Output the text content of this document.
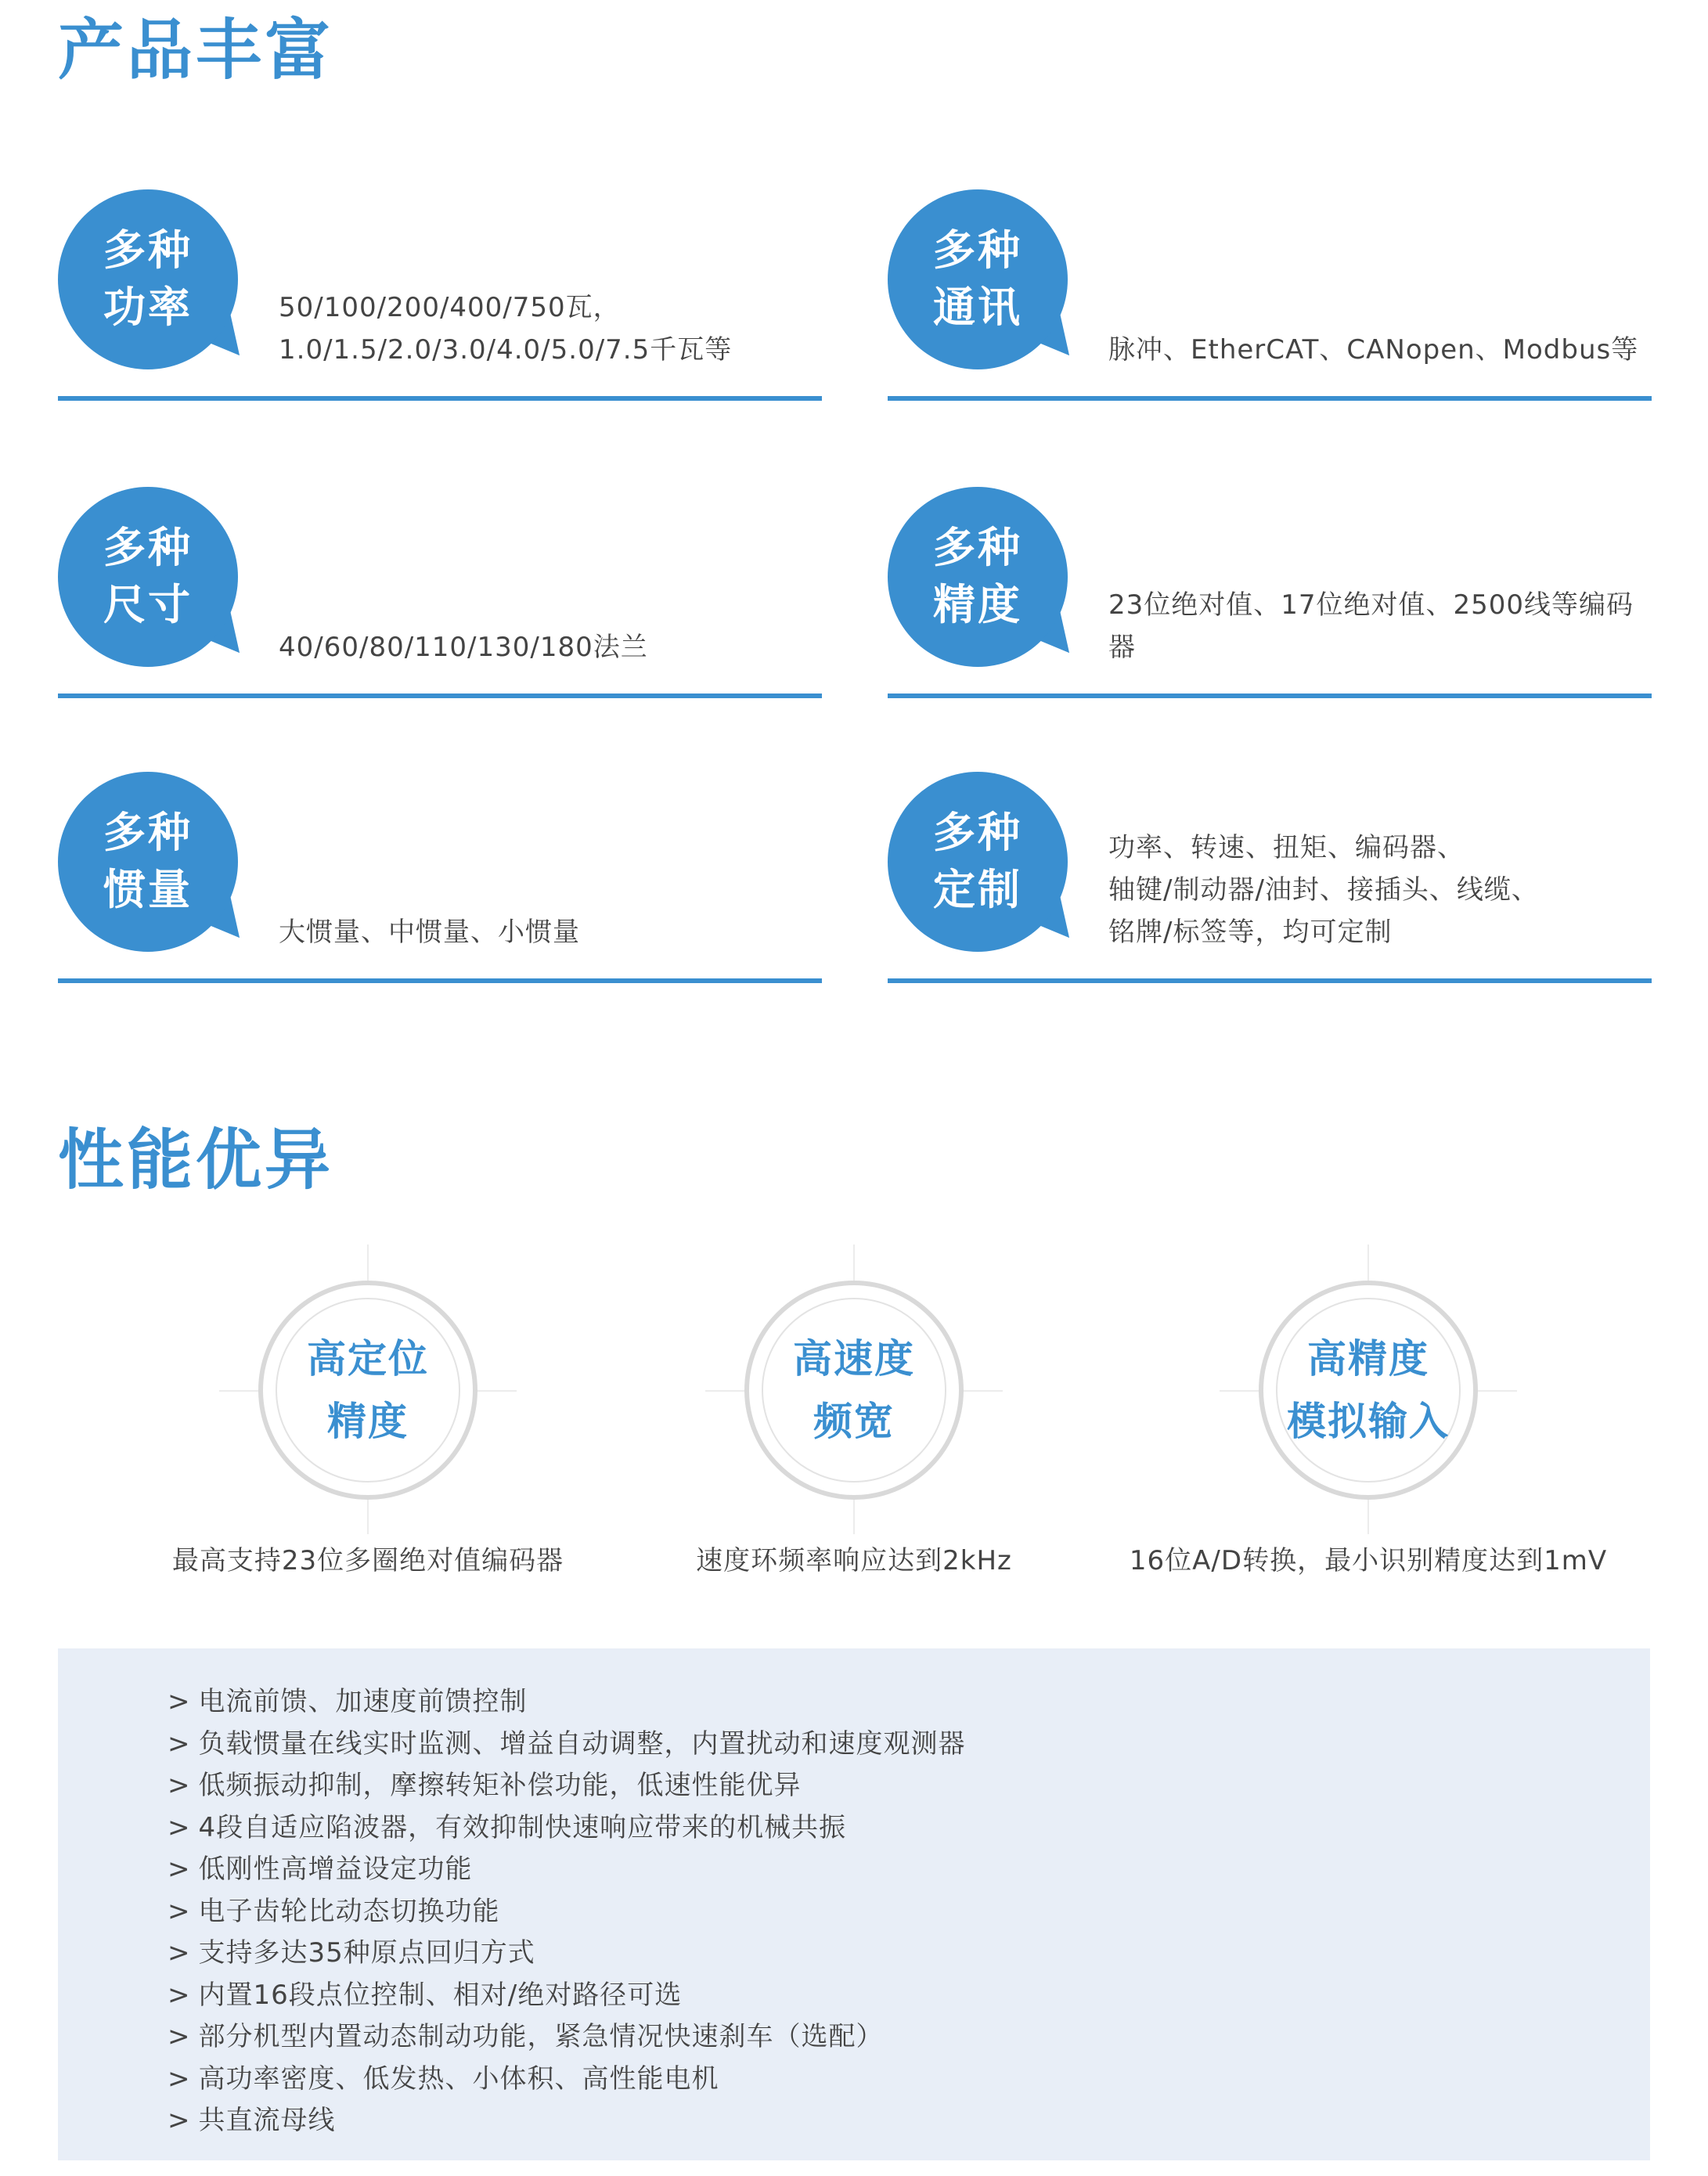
产品丰富
多种
功率	50/100/200/400/750瓦，
1.0/1.5/2.0/3.0/4.0/5.0/7.5千瓦等
多种
通讯
脉冲、EtherCAT、CANopen、Modbus等
多种
尺寸
40/60/80/110/130/180法兰
多种
精度	23位绝对值、17位绝对值、2500线等编码器
多种
惯量
大惯量、中惯量、小惯量
多种
定制
功率、转速、扭矩、编码器、
轴键/制动器/油封、接插头、线缆、
铭牌/标签等，均可定制
性能优异
高定位
精度
最高支持23位多圈绝对值编码器
高速度
频宽
速度环频率响应达到2kHz
高精度
模拟输入
16位A/D转换，最小识别精度达到1mV
> 电流前馈、加速度前馈控制
> 负载惯量在线实时监测、增益自动调整，内置扰动和速度观测器
> 低频振动抑制，摩擦转矩补偿功能，低速性能优异
> 4段自适应陷波器，有效抑制快速响应带来的机械共振
> 低刚性高增益设定功能
> 电子齿轮比动态切换功能
> 支持多达35种原点回归方式
> 内置16段点位控制、相对/绝对路径可选
> 部分机型内置动态制动功能，紧急情况快速刹车（选配）
> 高功率密度、低发热、小体积、高性能电机
> 共直流母线
